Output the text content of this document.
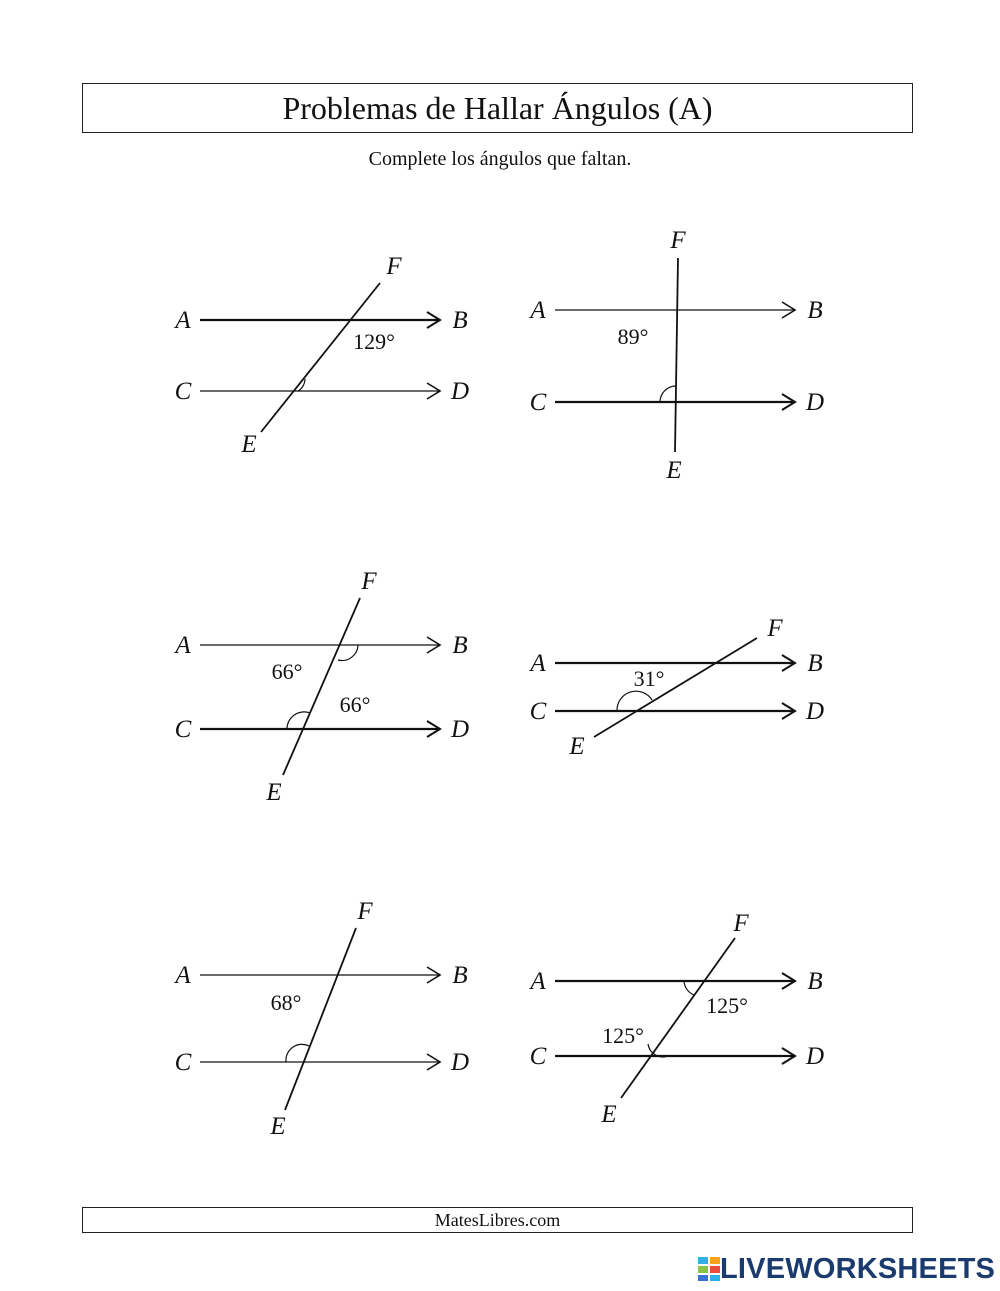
Problemas de Hallar Ángulos (A)
Complete los ángulos que faltan.
A	B
C	D
E
F
129°
A	B
C	D
E
F
89°
A	B
C	D
E
F
66°
66°
A	B
C	D
E
F
31°
A	B
C	D
E
F
68°
A	B
C	D
E
F
125°
125°
MatesLibres.com
LIVEWORKSHEETS
